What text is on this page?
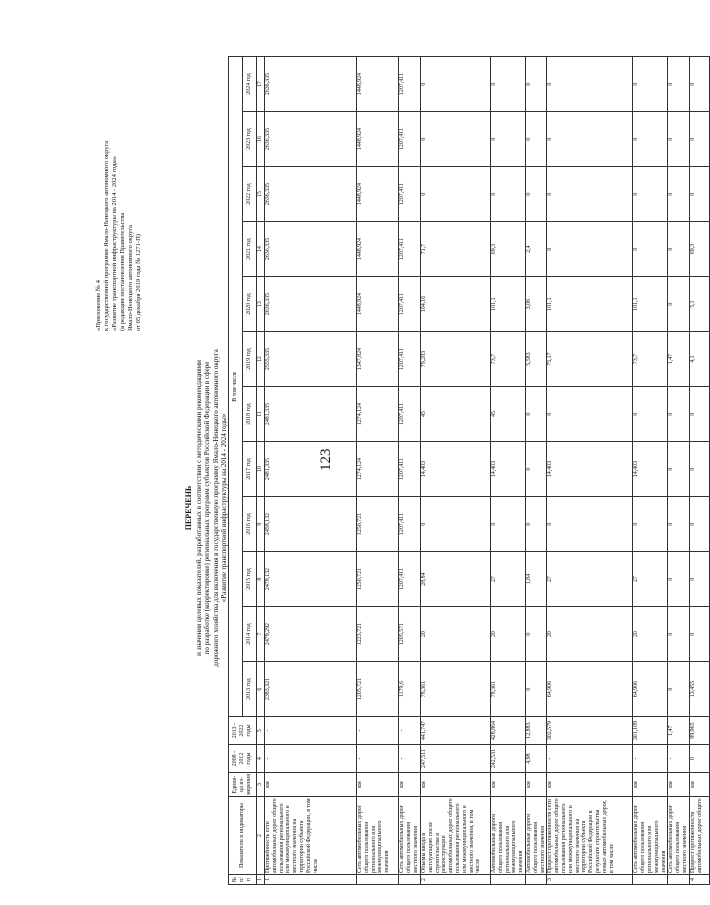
123
«Приложение № 4 к государственной программе Ямало-Ненецкого автономного округа «Развитие транспортной инфраструктуры на 2014 - 2024 годы» (в редакции постановления Правительства Ямало-Ненецкого автономного округа от 05 декабря 2019 года № 1271-П)
ПЕРЕЧЕНЬ и значения целевых показателей, разработанных в соответствии с методическими рекомендациями по разработке (корректировке) региональных программ субъектов Российской Федерации в сфере дорожного хозяйства для включения в государственную программу Ямало-Ненецкого автономного округа «Развитие транспортной инфраструктуры на 2014 - 2024 годы»
№ п/п	Показатели и индикаторы	Едини- ца из- мерения	2008 - 2012 годы	2013 - 2022 годы	В том числе											
					2013 год	2014 год	2015 год	2016 год	2017 год	2018 год	2019 год	2020 год	2021 год	2022 год	2023 год	2024 год
1	2	3	4	5	6	7	8	9	10	11	12	13	14	15	16	17
1	Протяжённость сети автомобильных дорог общего пользования регионального или межмуниципального и местного значения на территории субъекта Российской Федерации, в том числе	км	-	-	2383,321	2479,292	2478,132	2458,132	2481,335	2481,335	2555,335	2636,335	2636,335	2636,335	2636,335	2636,335
	Сеть автомобильных дорог общего пользования регионального или межмуниципального значения	км	-	-	1205,721	1223,721	1250,721	1250,721	1274,124	1274,124	1347,824	1448,924	1448,924	1448,924	1448,924	1448,924
	Сеть автомобильных дорог общего пользования местного значения	км	-	-	1179,6	1205,571	1207,411	1207,411	1207,411	1207,411	1207,411	1207,411	1207,411	1207,411	1207,411	1207,411
2	Объемы ввода в эксплуатацию после строительства и реконструкции автомобильных дорог общего пользования регионального или межмуниципального и местного значения, в том числе	км	247,511	441,747	78,361	20	28,84	0	14,403	45	79,283	104,16	71,7	0	0	0
	Автомобильные дороги общего пользования регионального или межмуниципального значения	км	242,531	428,864	78,361	20	27	0	14,403	45	73,7	101,1	69,3	0	0	0
	Автомобильные дороги общего пользования местного значения	км	4,98	12,883	0	0	1,84	0	0	0	5,583	3,06	2,4	0	0	0
3	Прирост протяженности сети автомобильных дорог общего пользования регионального или межмуниципального и местного значения на территории субъекта Российской Федерации в результате строительства новых автомобильных дорог, в том числе	км	-	302,579	64,906	20	27	0	14,403	0	75,17	101,1	0	0	0	0
	Сеть автомобильных дорог общего пользования регионального или межмуниципального значения	км	-	301,109	64,906	20	27	0	14,403	0	73,7	101,1	0	0	0	0
	Сеть автомобильных дорог общего пользования местного значения	км	-	1,47	0	0	0	0	0	0	1,47	0	0	0	0	0
4	Прирост протяженности автомобильных дорог общего	км	0	89,965	13,455	0	0	0	0	0	4,1	5,1	69,3	0	0	0
